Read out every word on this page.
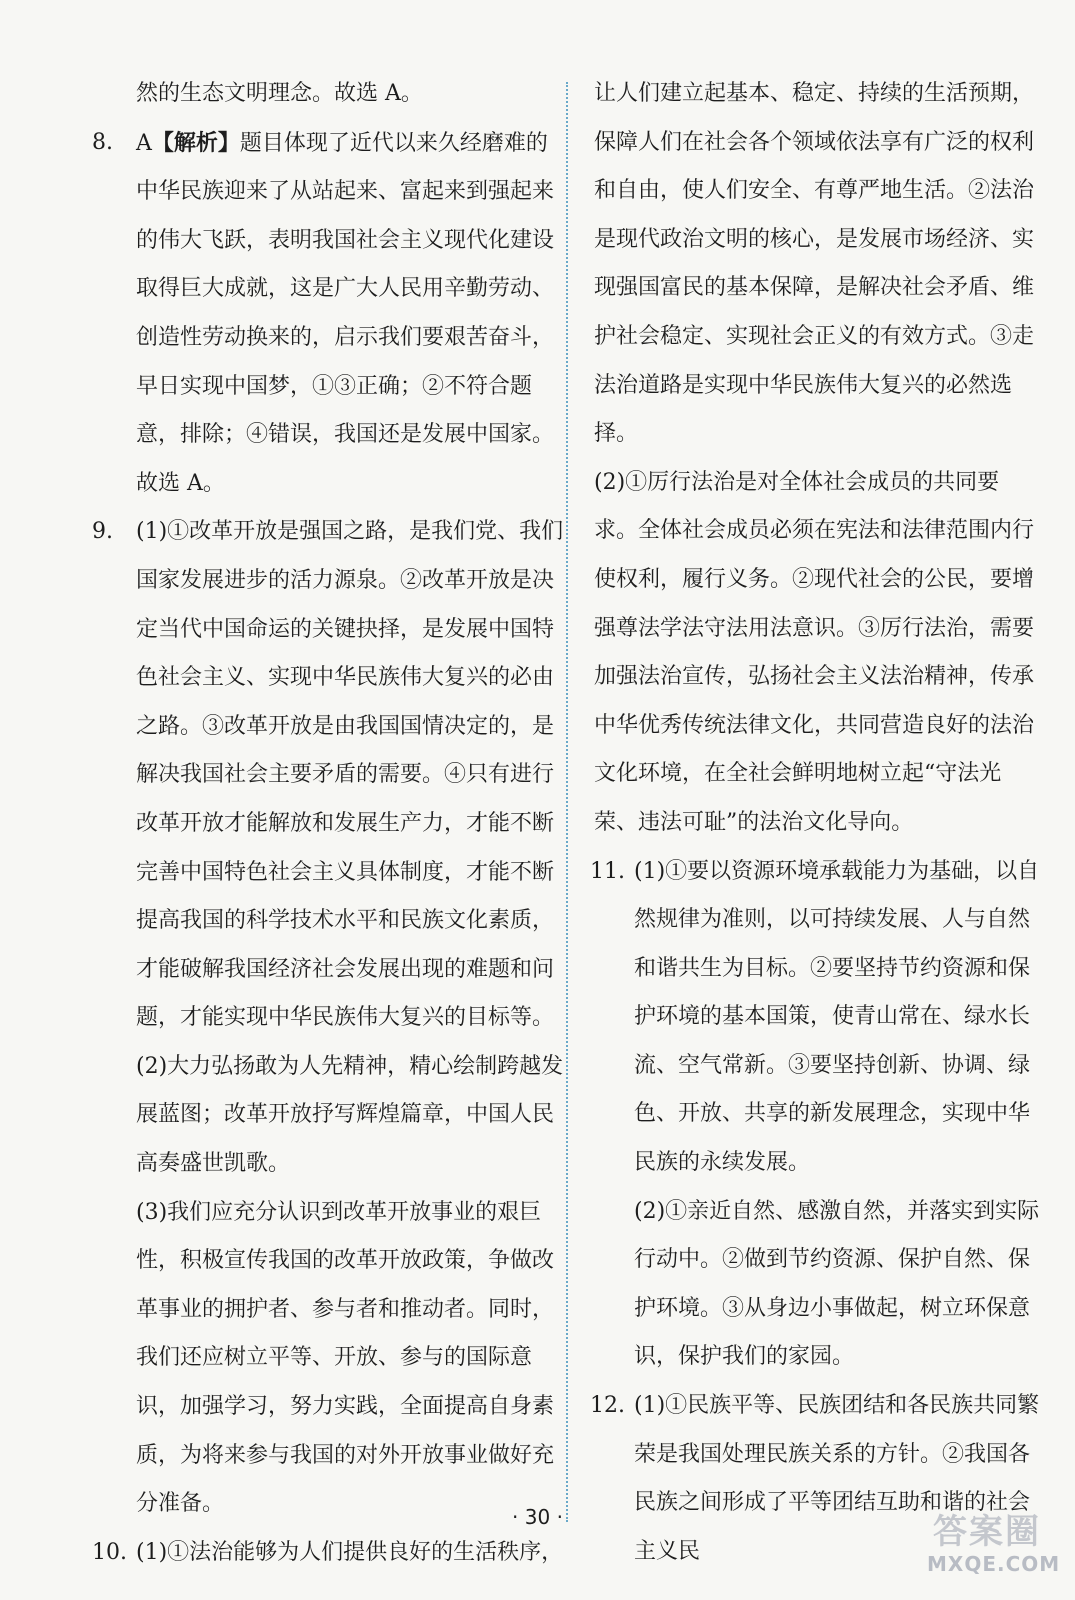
然的生态文明理念。故选 A。

8. A【解析】题目体现了近代以来久经磨难的中华民族迎来了从站起来、富起来到强起来的伟大飞跃，表明我国社会主义现代化建设取得巨大成就，这是广大人民用辛勤劳动、创造性劳动换来的，启示我们要艰苦奋斗，早日实现中国梦，①③正确；②不符合题意，排除；④错误，我国还是发展中国家。故选 A。
9. (1)①改革开放是强国之路，是我们党、我们国家发展进步的活力源泉。②改革开放是决定当代中国命运的关键抉择，是发展中国特色社会主义、实现中华民族伟大复兴的必由之路。③改革开放是由我国国情决定的，是解决我国社会主要矛盾的需要。④只有进行改革开放才能解放和发展生产力，才能不断完善中国特色社会主义具体制度，才能不断提高我国的科学技术水平和民族文化素质，才能破解我国经济社会发展出现的难题和问题，才能实现中华民族伟大复兴的目标等。

(2)大力弘扬敢为人先精神，精心绘制跨越发展蓝图；改革开放抒写辉煌篇章，中国人民高奏盛世凯歌。

(3)我们应充分认识到改革开放事业的艰巨性，积极宣传我国的改革开放政策，争做改革事业的拥护者、参与者和推动者。同时，我们还应树立平等、开放、参与的国际意识，加强学习，努力实践，全面提高自身素质，为将来参与我国的对外开放事业做好充分准备。

10. (1)①法治能够为人们提供良好的生活秩序，

让人们建立起基本、稳定、持续的生活预期，保障人们在社会各个领域依法享有广泛的权利和自由，使人们安全、有尊严地生活。②法治是现代政治文明的核心，是发展市场经济、实现强国富民的基本保障，是解决社会矛盾、维护社会稳定、实现社会正义的有效方式。③走法治道路是实现中华民族伟大复兴的必然选择。

(2)①厉行法治是对全体社会成员的共同要求。全体社会成员必须在宪法和法律范围内行使权利，履行义务。②现代社会的公民，要增强尊法学法守法用法意识。③厉行法治，需要加强法治宣传，弘扬社会主义法治精神，传承中华优秀传统法律文化，共同营造良好的法治文化环境，在全社会鲜明地树立起“守法光荣、违法可耻”的法治文化导向。

11. (1)①要以资源环境承载能力为基础，以自然规律为准则，以可持续发展、人与自然和谐共生为目标。②要坚持节约资源和保护环境的基本国策，使青山常在、绿水长流、空气常新。③要坚持创新、协调、绿色、开放、共享的新发展理念，实现中华民族的永续发展。

(2)①亲近自然、感激自然，并落实到实际行动中。②做到节约资源、保护自然、保护环境。③从身边小事做起，树立环保意识，保护我们的家园。

12. (1)①民族平等、民族团结和各民族共同繁荣是我国处理民族关系的方针。②我国各民族之间形成了平等团结互助和谐的社会主义民
· 30 ·	答案圈
MXQE.COM
